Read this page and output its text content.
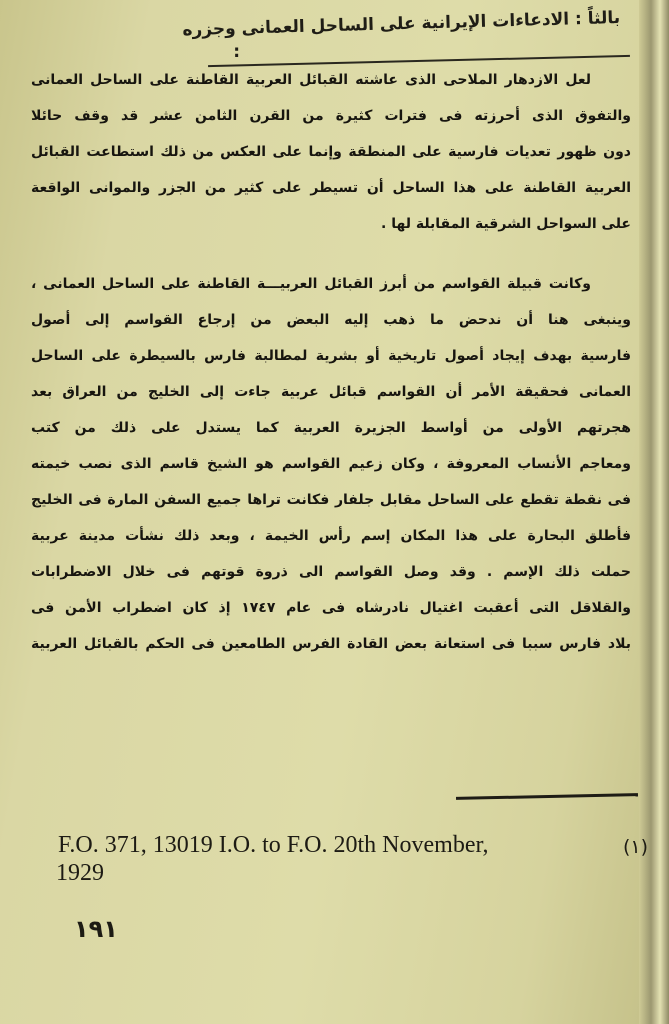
بالثاً : الادعاءات الإيرانية على الساحل العمانى وجزره
:
لعل الازدهار الملاحى الذى عاشته القبائل العربية القاطنة على الساحل العمانى
والتفوق الذى أحرزته فى فترات كثيرة من القرن الثامن عشر قد وقف حائلا
دون ظهور تعديات فارسية على المنطقة وإنما على العكس من ذلك استطاعت القبائل
العربية القاطنة على هذا الساحل أن تسيطر على كثير من الجزر والموانى الواقعة
على السواحل الشرقية المقابلة لها .
وكانت قبيلة القواسم من أبرز القبائل العربيـــة القاطنة على الساحل العمانى ،
وينبغى هنا أن ندحض ما ذهب إليه البعض من إرجاع القواسم إلى أصول
فارسية بهدف إيجاد أصول تاريخية أو بشرية لمطالبة فارس بالسيطرة على الساحل
العمانى فحقيقة الأمر أن القواسم قبائل عربية جاءت إلى الخليج من العراق بعد
هجرتهم الأولى من أواسط الجزيرة العربية كما يستدل على ذلك من كتب
ومعاجم الأنساب المعروفة ، وكان زعيم القواسم هو الشيخ قاسم الذى نصب خيمته
فى نقطة تقطع على الساحل مقابل جلفار فكانت تراها جميع السفن المارة فى الخليج
فأطلق البحارة على هذا المكان إسم رأس الخيمة ، وبعد ذلك نشأت مدينة عربية
حملت ذلك الإسم . وقد وصل القواسم الى ذروة قوتهم فى خلال الاضطرابات
والقلاقل التى أعقبت اغتيال نادرشاه فى عام ١٧٤٧ إذ كان اضطراب الأمن فى
بلاد فارس سببا فى استعانة بعض القادة الفرس الطامعين فى الحكم بالقبائل العربية
F.O. 371, 13019 I.O. to F.O. 20th November,	(١)
1929
١٩١
